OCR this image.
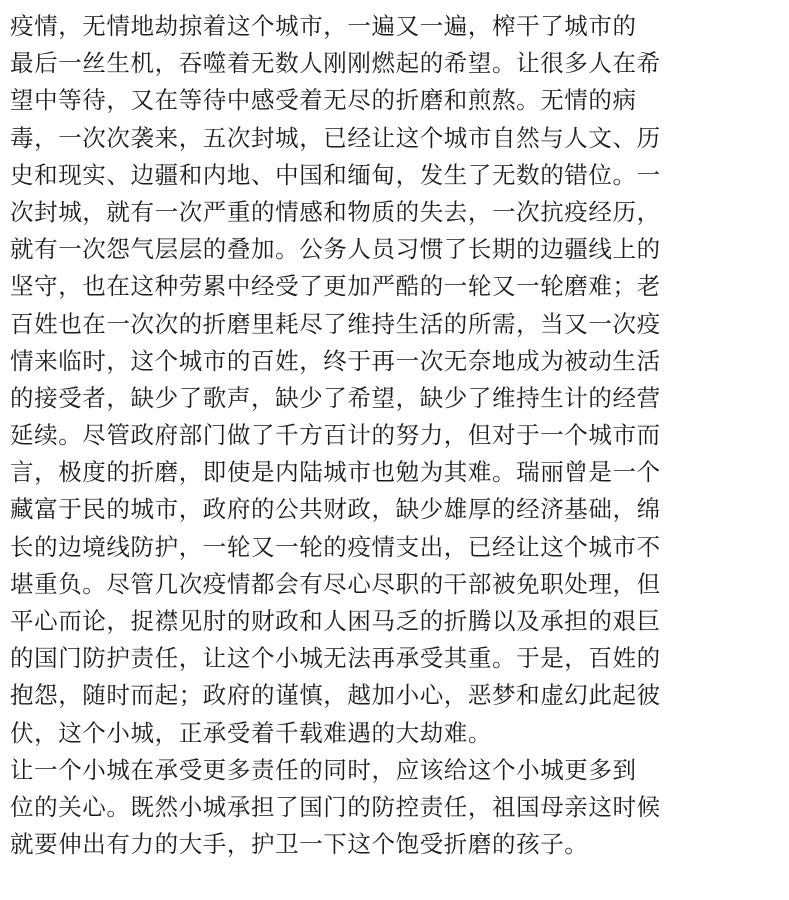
疫情，无情地劫掠着这个城市，一遍又一遍，榨干了城市的
最后一丝生机，吞噬着无数人刚刚燃起的希望。让很多人在希
望中等待，又在等待中感受着无尽的折磨和煎熬。无情的病
毒，一次次袭来，五次封城，已经让这个城市自然与人文、历
史和现实、边疆和内地、中国和缅甸，发生了无数的错位。一
次封城，就有一次严重的情感和物质的失去，一次抗疫经历，
就有一次怨气层层的叠加。公务人员习惯了长期的边疆线上的
坚守，也在这种劳累中经受了更加严酷的一轮又一轮磨难；老
百姓也在一次次的折磨里耗尽了维持生活的所需，当又一次疫
情来临时，这个城市的百姓，终于再一次无奈地成为被动生活
的接受者，缺少了歌声，缺少了希望，缺少了维持生计的经营
延续。尽管政府部门做了千方百计的努力，但对于一个城市而
言，极度的折磨，即使是内陆城市也勉为其难。瑞丽曾是一个
藏富于民的城市，政府的公共财政，缺少雄厚的经济基础，绵
长的边境线防护，一轮又一轮的疫情支出，已经让这个城市不
堪重负。尽管几次疫情都会有尽心尽职的干部被免职处理，但
平心而论，捉襟见肘的财政和人困马乏的折腾以及承担的艰巨
的国门防护责任，让这个小城无法再承受其重。于是，百姓的
抱怨，随时而起；政府的谨慎，越加小心，恶梦和虚幻此起彼
伏，这个小城，正承受着千载难遇的大劫难。
让一个小城在承受更多责任的同时，应该给这个小城更多到
位的关心。既然小城承担了国门的防控责任，祖国母亲这时候
就要伸出有力的大手，护卫一下这个饱受折磨的孩子。
